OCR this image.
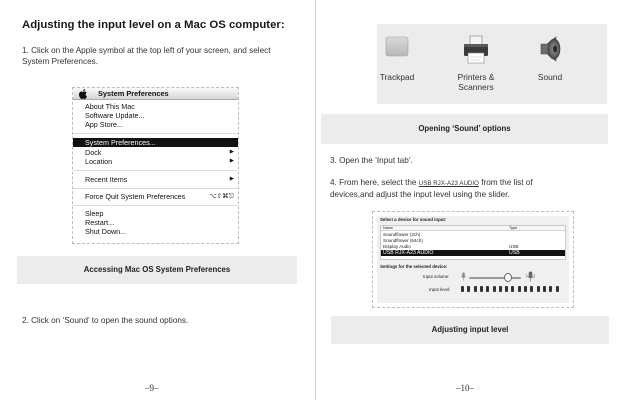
Adjusting the input level on a Mac OS computer:
1. Click on the Apple symbol at the top left of your screen, and select System Preferences.
System Preferences
About This Mac
Software Update...
App Store...
System Preferences...
Dock	▶
Location	▶
Recent Items	▶
Force Quit System Preferences	⌥⇧⌘⎋
Sleep
Restart...
Shut Down...
Accessing Mac OS System Preferences
2. Click on ‘Sound’ to open the sound options.
–9–
Trackpad	Printers &
Scanners
Sound
Opening ‘Sound’ options
3. Open the ‘Input tab’.
4. From here, select the USB RJX-A23 AUDIO from the list of
devices,and adjust the input level using the slider.
Select a device for sound input:
Name	Type
Soundflower (2ch)
Soundflower (64ch)
Display Audio	USB
USB RJX-A23 AUDIO	USB
Settings for the selected device:
Input volume:
Input level:
Adjusting input level
–10–
